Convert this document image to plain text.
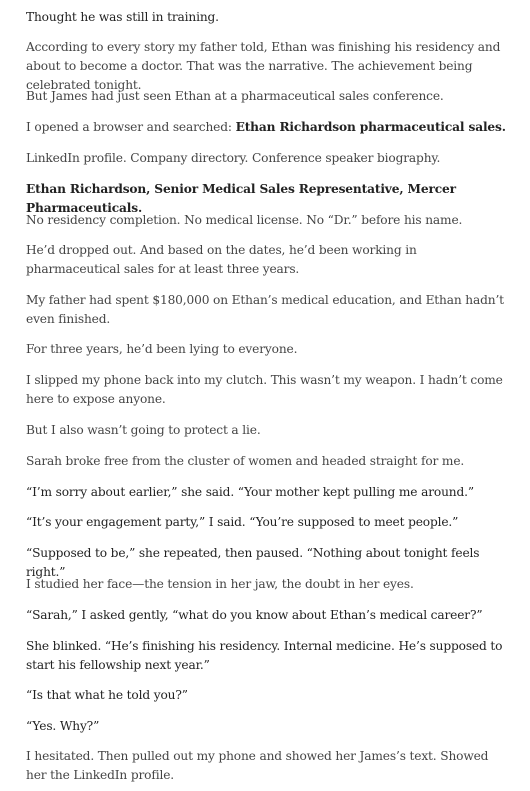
Thought he was still in training.

According to every story my father told, Ethan was finishing his residency and about to become a doctor. That was the narrative. The achievement being celebrated tonight.

But James had just seen Ethan at a pharmaceutical sales conference.

I opened a browser and searched: Ethan Richardson pharmaceutical sales.

LinkedIn profile. Company directory. Conference speaker biography.

Ethan Richardson, Senior Medical Sales Representative, Mercer Pharmaceuticals.

No residency completion. No medical license. No “Dr.” before his name.

He’d dropped out. And based on the dates, he’d been working in pharmaceutical sales for at least three years.

My father had spent $180,000 on Ethan’s medical education, and Ethan hadn’t even finished.

For three years, he’d been lying to everyone.

I slipped my phone back into my clutch. This wasn’t my weapon. I hadn’t come here to expose anyone.

But I also wasn’t going to protect a lie.

Sarah broke free from the cluster of women and headed straight for me.

“I’m sorry about earlier,” she said. “Your mother kept pulling me around.”

“It’s your engagement party,” I said. “You’re supposed to meet people.”

“Supposed to be,” she repeated, then paused. “Nothing about tonight feels right.”

I studied her face—the tension in her jaw, the doubt in her eyes.

“Sarah,” I asked gently, “what do you know about Ethan’s medical career?”

She blinked. “He’s finishing his residency. Internal medicine. He’s supposed to start his fellowship next year.”

“Is that what he told you?”

“Yes. Why?”

I hesitated. Then pulled out my phone and showed her James’s text. Showed her the LinkedIn profile.
